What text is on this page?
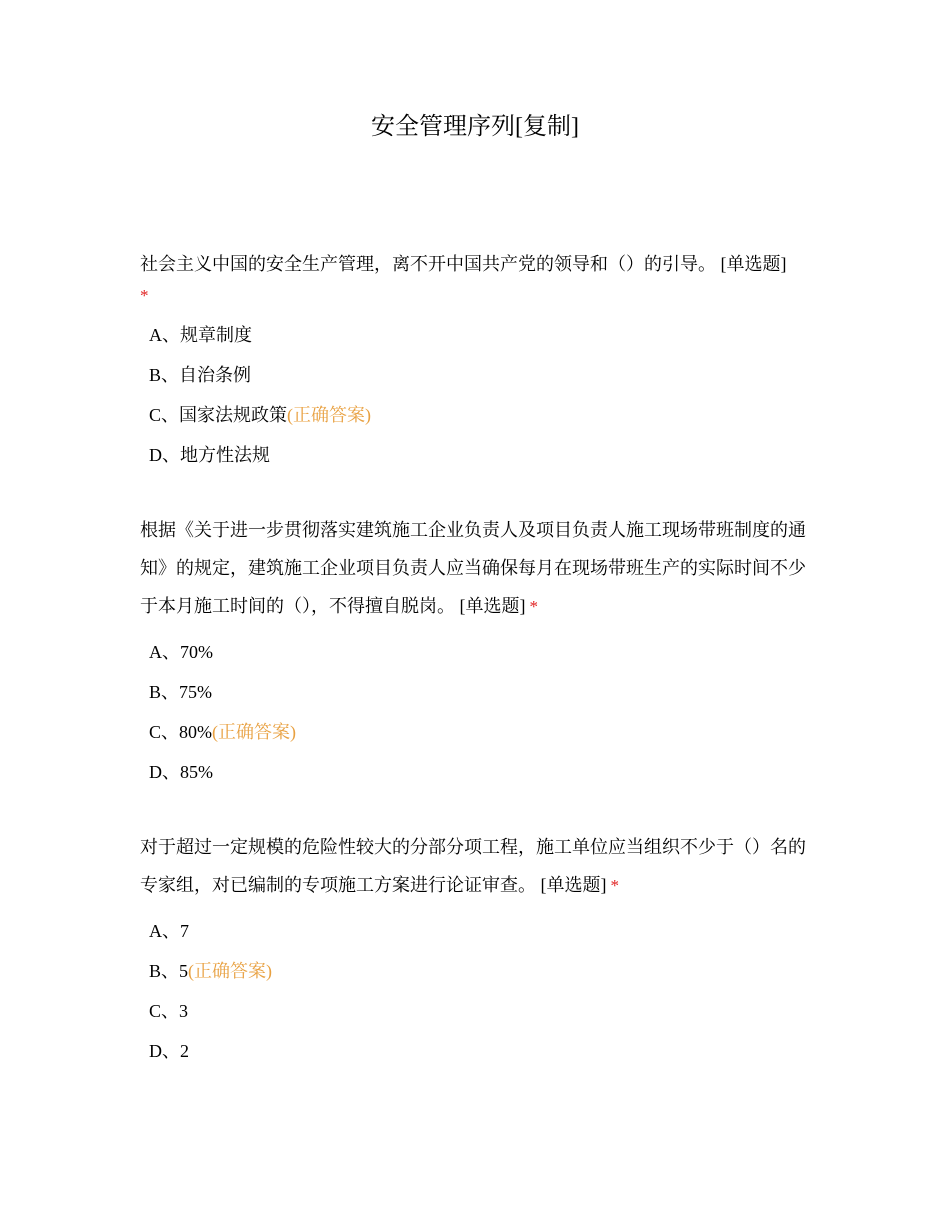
安全管理序列[复制]

社会主义中国的安全生产管理，离不开中国共产党的领导和（）的引导。 [单选题]
*

A、规章制度
B、自治条例
C、国家法规政策(正确答案)
D、地方性法规

根据《关于进一步贯彻落实建筑施工企业负责人及项目负责人施工现场带班制度的通知》的规定，建筑施工企业项目负责人应当确保每月在现场带班生产的实际时间不少于本月施工时间的（），不得擅自脱岗。 [单选题] *

A、70%
B、75%
C、80%(正确答案)
D、85%

对于超过一定规模的危险性较大的分部分项工程，施工单位应当组织不少于（）名的专家组，对已编制的专项施工方案进行论证审查。 [单选题] *

A、7
B、5(正确答案)
C、3
D、2
